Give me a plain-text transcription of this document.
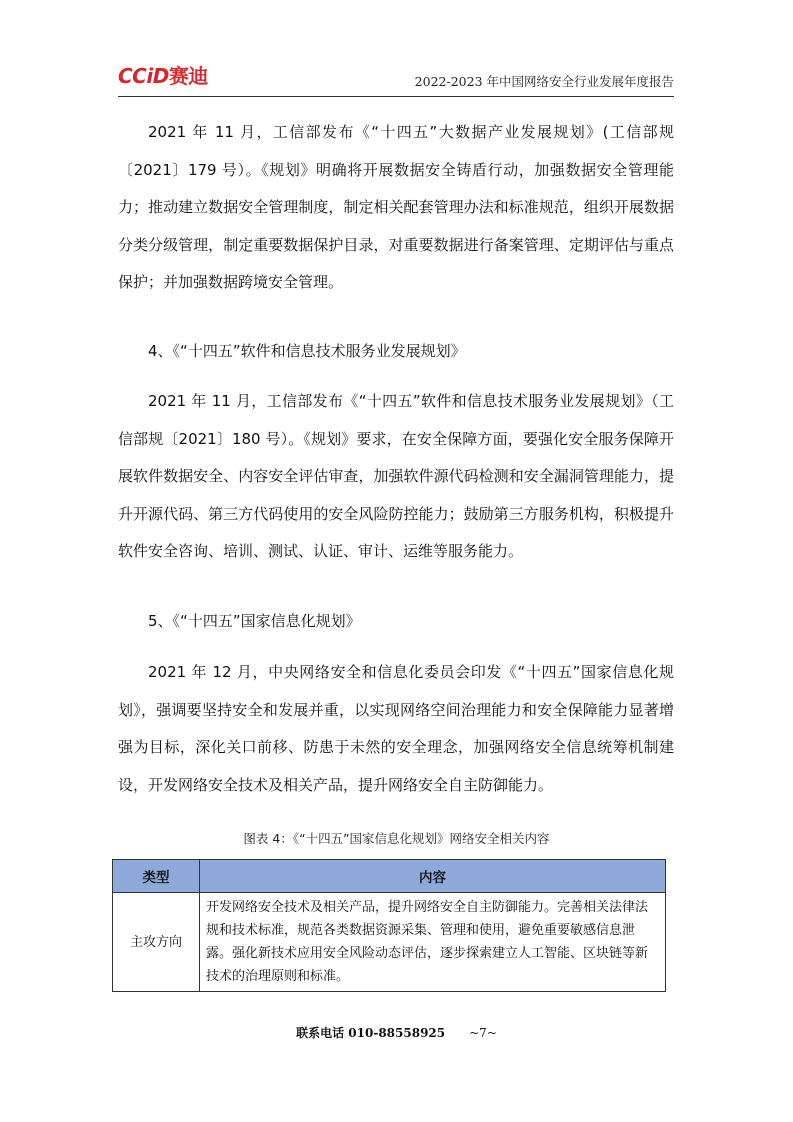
CCiD赛迪	2022-2023 年中国网络安全行业发展年度报告

2021 年 11 月，工信部发布《“十四五”大数据产业发展规划》(工信部规〔2021〕179 号）。《规划》明确将开展数据安全铸盾行动，加强数据安全管理能力；推动建立数据安全管理制度，制定相关配套管理办法和标准规范，组织开展数据分类分级管理，制定重要数据保护目录，对重要数据进行备案管理、定期评估与重点保护；并加强数据跨境安全管理。

4、《“十四五”软件和信息技术服务业发展规划》

2021 年 11 月，工信部发布《“十四五”软件和信息技术服务业发展规划》（工信部规〔2021〕180 号）。《规划》要求，在安全保障方面，要强化安全服务保障开展软件数据安全、内容安全评估审查，加强软件源代码检测和安全漏洞管理能力，提升开源代码、第三方代码使用的安全风险防控能力；鼓励第三方服务机构，积极提升软件安全咨询、培训、测试、认证、审计、运维等服务能力。

5、《“十四五”国家信息化规划》

2021 年 12 月，中央网络安全和信息化委员会印发《“十四五”国家信息化规划》，强调要坚持安全和发展并重，以实现网络空间治理能力和安全保障能力显著增强为目标，深化关口前移、防患于未然的安全理念，加强网络安全信息统筹机制建设，开发网络安全技术及相关产品，提升网络安全自主防御能力。

图表 4：《“十四五”国家信息化规划》网络安全相关内容
类型	内容
主攻方向	开发网络安全技术及相关产品，提升网络安全自主防御能力。完善相关法律法规和技术标准，规范各类数据资源采集、管理和使用，避免重要敏感信息泄露。强化新技术应用安全风险动态评估，逐步探索建立人工智能、区块链等新技术的治理原则和标准。
联系电话 010-88558925 ~7~
